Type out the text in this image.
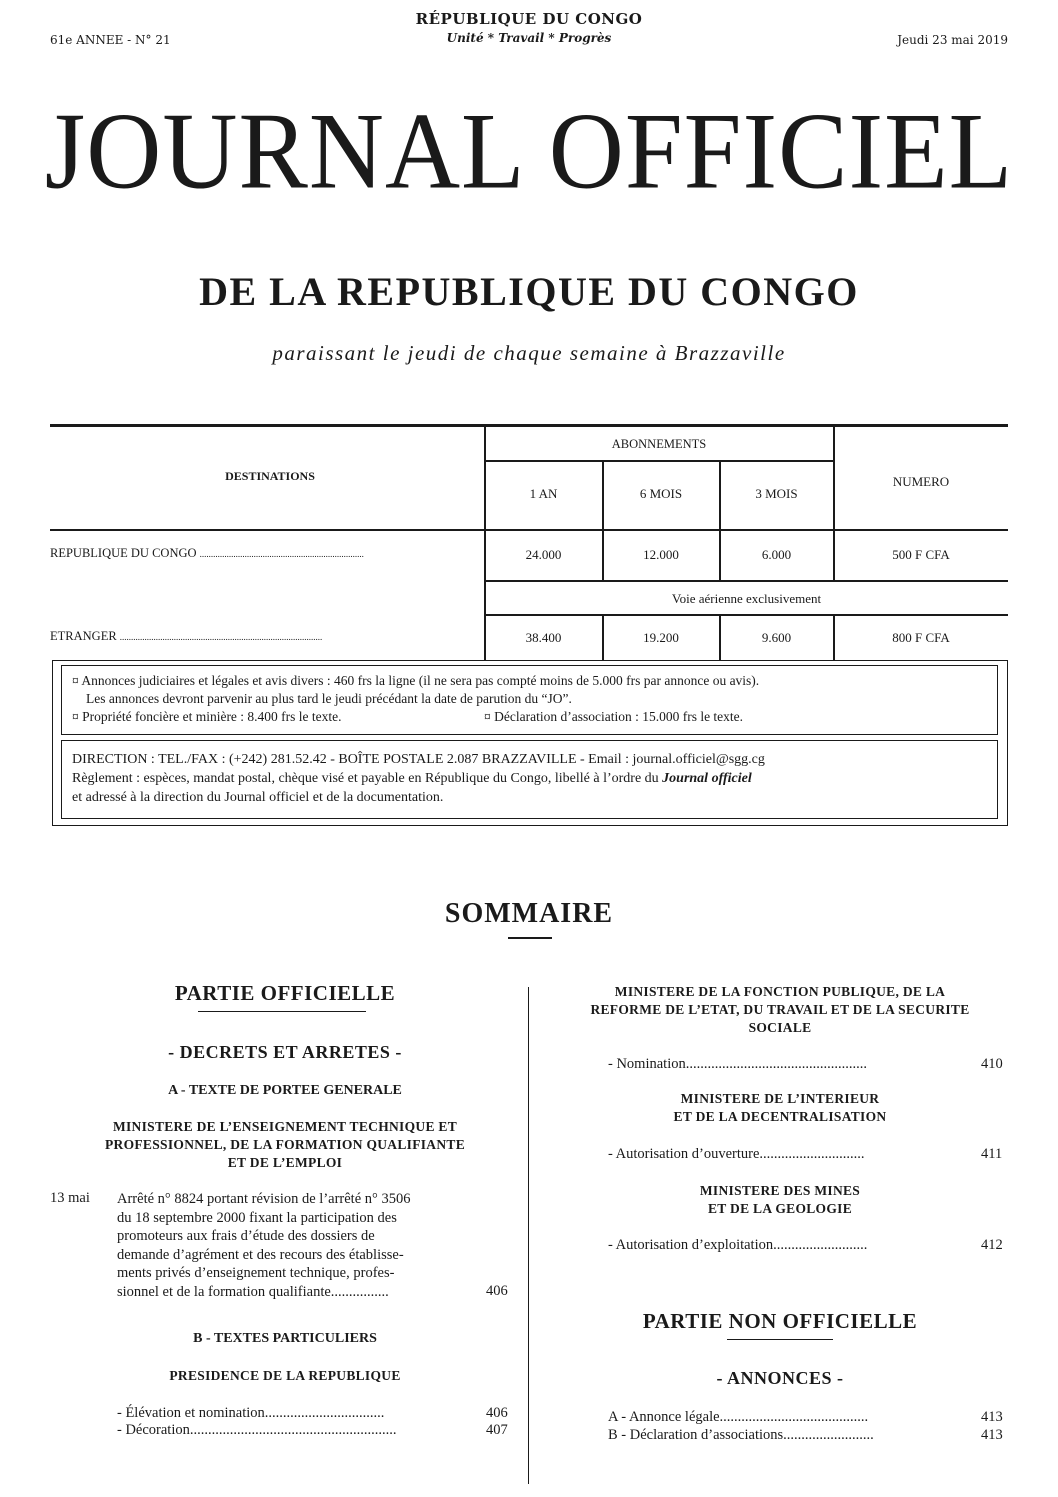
61e ANNEE - N° 21
RÉPUBLIQUE DU CONGO
Unité * Travail * Progrès	Jeudi 23 mai 2019
JOURNAL OFFICIEL
DE LA REPUBLIQUE DU CONGO
paraissant le jeudi de chaque semaine à Brazzaville
DESTINATIONS
ABONNEMENTS
NUMERO
1 AN	6 MOIS	3 MOIS
REPUBLIQUE DU CONGO .........................................................................	24.000	12.000	6.000	500 F CFA
Voie aérienne exclusivement
ETRANGER ..........................................................................................	38.400	19.200	9.600	800 F CFA
¤ Annonces judiciaires et légales et avis divers : 460 frs la ligne (il ne sera pas compté moins de 5.000 frs par annonce ou avis).
Les annonces devront parvenir au plus tard le jeudi précédant la date de parution du “JO”.
¤ Propriété foncière et minière : 8.400 frs le texte.	¤ Déclaration d’association : 15.000 frs le texte.
DIRECTION : TEL./FAX : (+242) 281.52.42 - BOÎTE POSTALE 2.087 BRAZZAVILLE - Email : journal.officiel@sgg.cg
Règlement : espèces, mandat postal, chèque visé et payable en République du Congo, libellé à l’ordre du Journal officiel
et adressé à la direction du Journal officiel et de la documentation.
SOMMAIRE
PARTIE OFFICIELLE
- DECRETS ET ARRETES -
A - TEXTE DE PORTEE GENERALE
MINISTERE DE L’ENSEIGNEMENT TECHNIQUE ET
PROFESSIONNEL, DE LA FORMATION QUALIFIANTE
ET DE L’EMPLOI
13 mai Arrêté n° 8824 portant révision de l’arrêté n° 3506
du 18 septembre 2000 fixant la participation des
promoteurs aux frais d’étude des dossiers de
demande d’agrément et des recours des établisse-
ments privés d’enseignement technique, profes-
sionnel et de la formation qualifiante................	406
B - TEXTES PARTICULIERS
PRESIDENCE DE LA REPUBLIQUE
- Élévation et nomination.................................	406
- Décoration.........................................................	407
MINISTERE DE LA FONCTION PUBLIQUE, DE LA
REFORME DE L’ETAT, DU TRAVAIL ET DE LA SECURITE
SOCIALE
- Nomination..................................................	410
MINISTERE DE L’INTERIEUR
ET DE LA DECENTRALISATION
- Autorisation d’ouverture.............................	411
MINISTERE DES MINES
ET DE LA GEOLOGIE
- Autorisation d’exploitation..........................	412
PARTIE NON OFFICIELLE
- ANNONCES -
A - Annonce légale.........................................	413
B - Déclaration d’associations.........................	413
